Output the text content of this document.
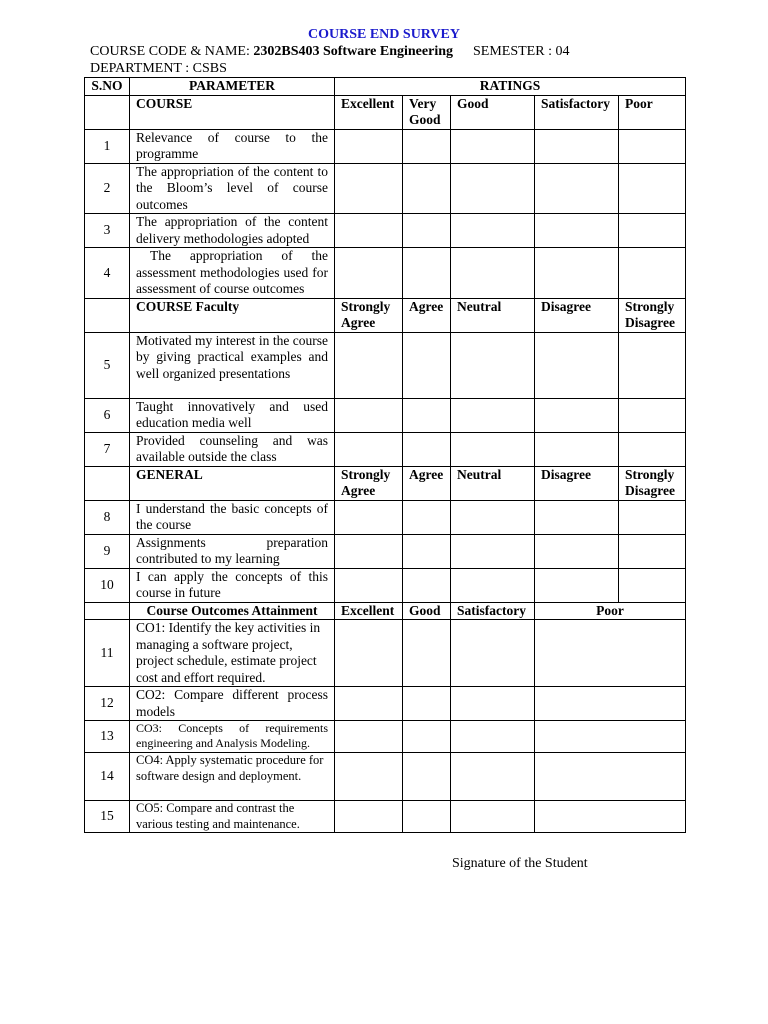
COURSE END SURVEY
COURSE CODE & NAME: 2302BS403 Software Engineering SEMESTER : 04
DEPARTMENT : CSBS
S.NO	PARAMETER	RATINGS				
	COURSE	Excellent	Very Good	Good	Satisfactory	Poor
1	Relevance of course to the programme					
2	The appropriation of the content to the Bloom’s level of course outcomes					
3	The appropriation of the content delivery methodologies adopted					
4	The appropriation of the assessment methodologies used for assessment of course outcomes					
	COURSE Faculty	Strongly Agree	Agree	Neutral	Disagree	Strongly Disagree
5	Motivated my interest in the course by giving practical examples and well organized presentations					
6	Taught innovatively and used education media well					
7	Provided counseling and was available outside the class					
	GENERAL	Strongly Agree	Agree	Neutral	Disagree	Strongly Disagree
8	I understand the basic concepts of the course					
9	Assignments preparation contributed to my learning					
10	I can apply the concepts of this course in future					
	Course Outcomes Attainment	Excellent	Good	Satisfactory	Poor	
11	CO1: Identify the key activities in managing a software project, project schedule, estimate project cost and effort required.					
12	CO2: Compare different process models					
13	CO3: Concepts of requirements engineering and Analysis Modeling.					
14	CO4: Apply systematic procedure for software design and deployment.					
15	CO5: Compare and contrast the various testing and maintenance.					
Signature of the Student
